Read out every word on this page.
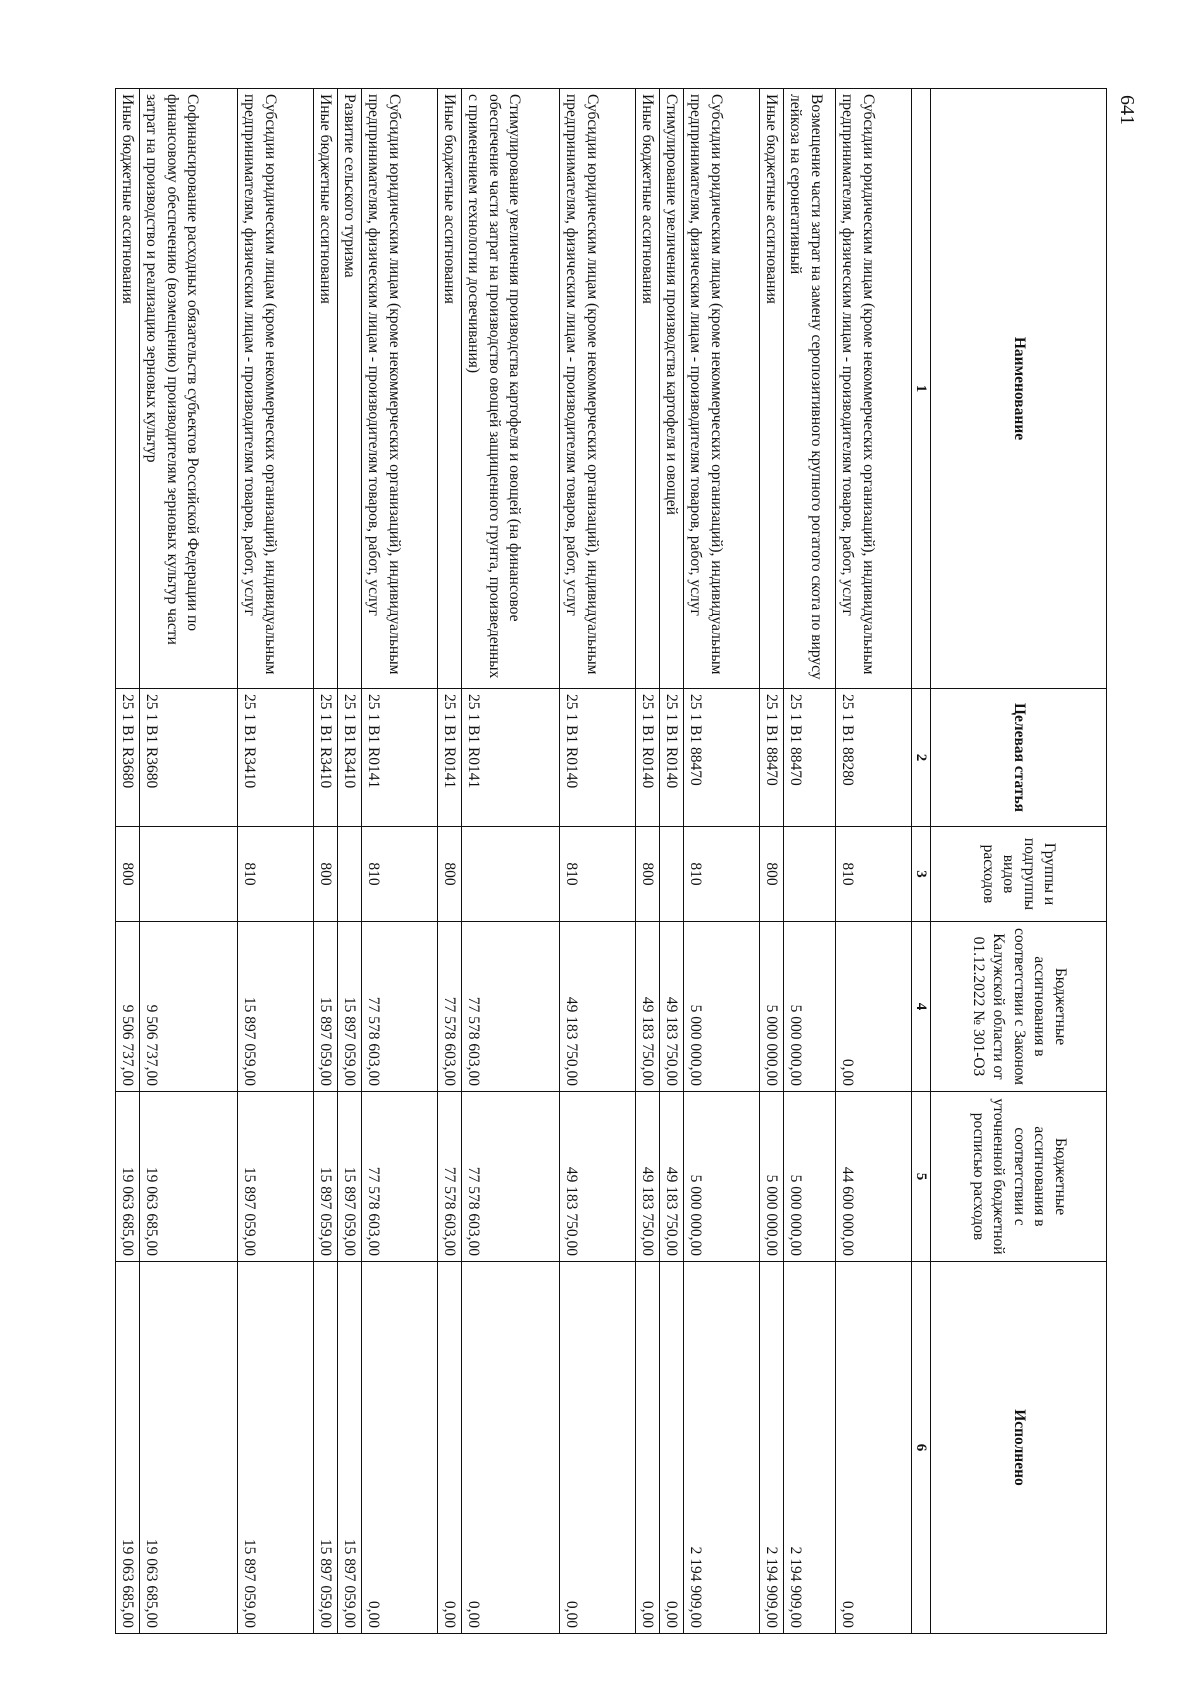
641
Наименование	Целевая статья	Группы и подгруппы видов расходов	Бюджетные ассигнования в соответствии с Законом Калужской области от 01.12.2022 № 301-ОЗ	Бюджетные ассигнования в соответствии с уточненной бюджетной росписью расходов	Исполнено
1	2	3	4	5	6
Субсидии юридическим лицам (кроме некоммерческих организаций), индивидуальным предпринимателям, физическим лицам - производителям товаров, работ, услуг	25 1 B1 88280	810	0,00	44 600 000,00	0,00
Возмещение части затрат на замену серопозитивного крупного рогатого скота по вирусу лейкоза на серонегативный	25 1 B1 88470		5 000 000,00	5 000 000,00	2 194 909,00
Иные бюджетные ассигнования	25 1 B1 88470	800	5 000 000,00	5 000 000,00	2 194 909,00
Субсидии юридическим лицам (кроме некоммерческих организаций), индивидуальным предпринимателям, физическим лицам - производителям товаров, работ, услуг	25 1 B1 88470	810	5 000 000,00	5 000 000,00	2 194 909,00
Стимулирование увеличения производства картофеля и овощей	25 1 B1 R0140		49 183 750,00	49 183 750,00	0,00
Иные бюджетные ассигнования	25 1 B1 R0140	800	49 183 750,00	49 183 750,00	0,00
Субсидии юридическим лицам (кроме некоммерческих организаций), индивидуальным предпринимателям, физическим лицам - производителям товаров, работ, услуг	25 1 B1 R0140	810	49 183 750,00	49 183 750,00	0,00
Стимулирование увеличения производства картофеля и овощей (на финансовое обеспечение части затрат на производство овощей защищенного грунта, произведенных с применением технологии досвечивания)	25 1 B1 R0141		77 578 603,00	77 578 603,00	0,00
Иные бюджетные ассигнования	25 1 B1 R0141	800	77 578 603,00	77 578 603,00	0,00
Субсидии юридическим лицам (кроме некоммерческих организаций), индивидуальным предпринимателям, физическим лицам - производителям товаров, работ, услуг	25 1 B1 R0141	810	77 578 603,00	77 578 603,00	0,00
Развитие сельского туризма	25 1 B1 R3410		15 897 059,00	15 897 059,00	15 897 059,00
Иные бюджетные ассигнования	25 1 B1 R3410	800	15 897 059,00	15 897 059,00	15 897 059,00
Субсидии юридическим лицам (кроме некоммерческих организаций), индивидуальным предпринимателям, физическим лицам - производителям товаров, работ, услуг	25 1 B1 R3410	810	15 897 059,00	15 897 059,00	15 897 059,00
Софинансирование расходных обязательств субъектов Российской Федерации по финансовому обеспечению (возмещению) производителям зерновых культур части затрат на производство и реализацию зерновых культур	25 1 B1 R3680		9 506 737,00	19 063 685,00	19 063 685,00
Иные бюджетные ассигнования	25 1 B1 R3680	800	9 506 737,00	19 063 685,00	19 063 685,00
